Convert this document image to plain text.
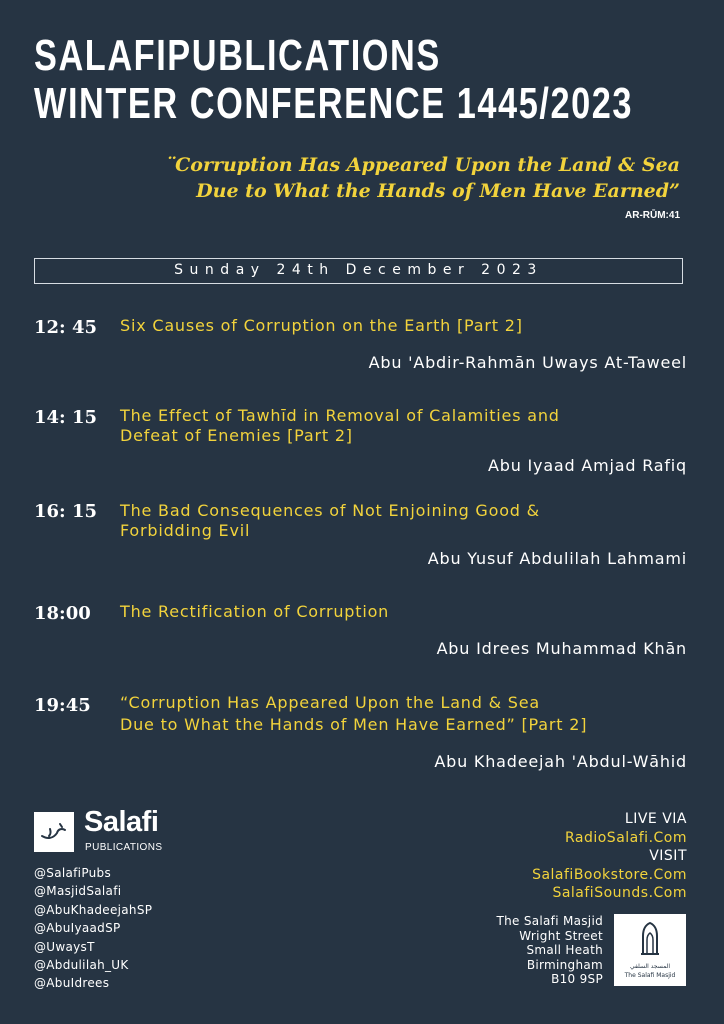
SALAFIPUBLICATIONS
WINTER CONFERENCE 1445/2023
¨Corruption Has Appeared Upon the Land & Sea
Due to What the Hands of Men Have Earned”
AR-RŪM:41
Sunday 24th December 2023
12: 45 Six Causes of Corruption on the Earth [Part 2]
Abu 'Abdir-Rahmān Uways At-Taweel
14: 15 The Effect of Tawhīd in Removal of Calamities and
Defeat of Enemies [Part 2]
Abu Iyaad Amjad Rafiq
16: 15 The Bad Consequences of Not Enjoining Good &
Forbidding Evil
Abu Yusuf Abdulilah Lahmami
18:00 The Rectification of Corruption
Abu Idrees Muhammad Khān
19:45 “Corruption Has Appeared Upon the Land & Sea
Due to What the Hands of Men Have Earned” [Part 2]
Abu Khadeejah 'Abdul-Wāhid
Salafi
PUBLICATIONS
@SalafiPubs
@MasjidSalafi
@AbuKhadeejahSP
@AbuIyaadSP
@UwaysT
@Abdulilah_UK
@AbuIdrees
LIVE VIA
RadioSalafi.Com
VISIT
SalafiBookstore.Com
SalafiSounds.Com
The Salafi Masjid
Wright Street
Small Heath
Birmingham
B10 9SP
المسجد السلفي
The Salafi Masjid
